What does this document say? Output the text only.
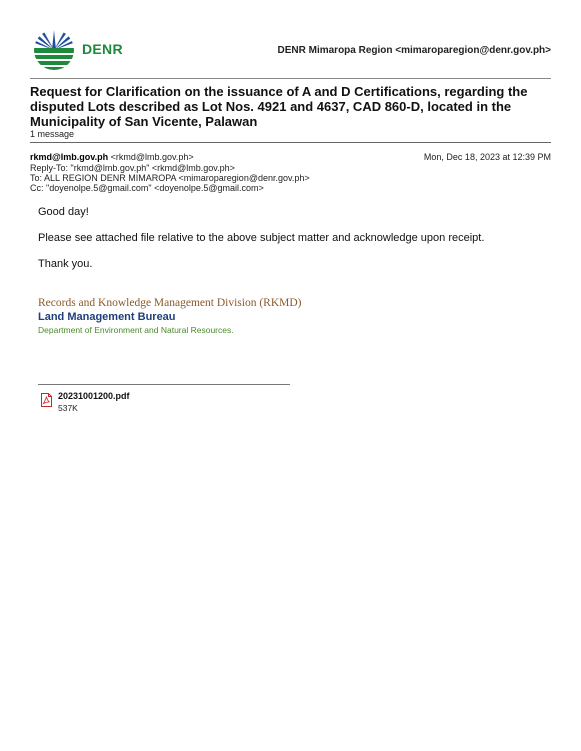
DENR	DENR Mimaropa Region <mimaroparegion@denr.gov.ph>
Request for Clarification on the issuance of A and D Certifications, regarding the disputed Lots described as Lot Nos. 4921 and 4637, CAD 860-D, located in the Municipality of San Vicente, Palawan
1 message
rkmd@lmb.gov.ph <rkmd@lmb.gov.ph>	Mon, Dec 18, 2023 at 12:39 PM
Reply-To: "rkmd@lmb.gov.ph" <rkmd@lmb.gov.ph>
To: ALL REGION DENR MIMAROPA <mimaroparegion@denr.gov.ph>
Cc: "doyenolpe.5@gmail.com" <doyenolpe.5@gmail.com>
Good day!
Please see attached file relative to the above subject matter and acknowledge upon receipt.
Thank you.
Records and Knowledge Management Division (RKMD)
Land Management Bureau
Department of Environment and Natural Resources.
20231001200.pdf
537K
